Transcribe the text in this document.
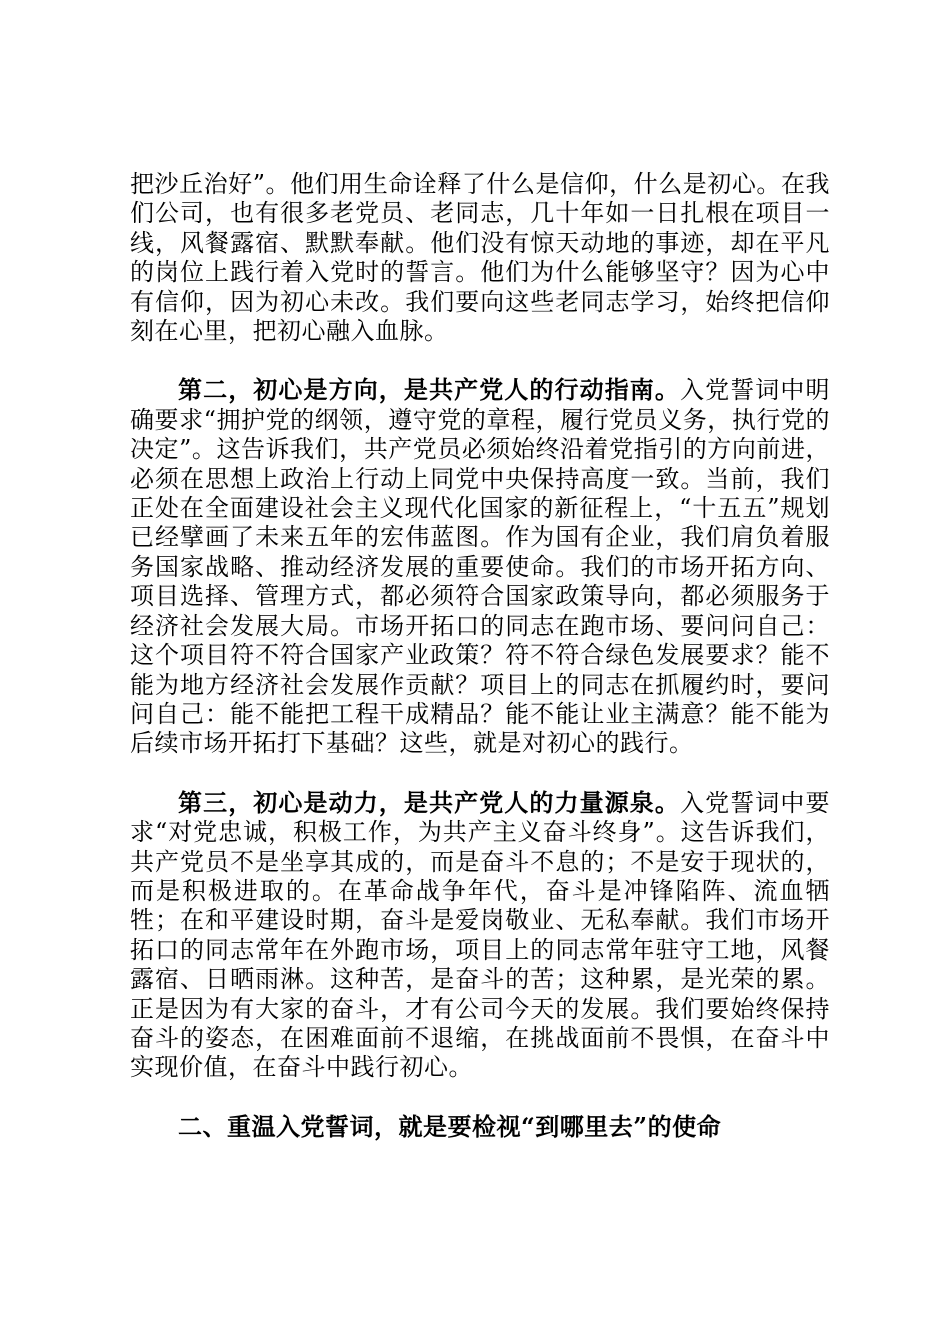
把沙丘治好”。他们用生命诠释了什么是信仰，什么是初心。在我们公司，也有很多老党员、老同志，几十年如一日扎根在项目一线，风餐露宿、默默奉献。他们没有惊天动地的事迹，却在平凡的岗位上践行着入党时的誓言。他们为什么能够坚守？因为心中有信仰，因为初心未改。我们要向这些老同志学习，始终把信仰刻在心里，把初心融入血脉。

第二，初心是方向，是共产党人的行动指南。入党誓词中明确要求“拥护党的纲领，遵守党的章程，履行党员义务，执行党的决定”。这告诉我们，共产党员必须始终沿着党指引的方向前进，必须在思想上政治上行动上同党中央保持高度一致。当前，我们正处在全面建设社会主义现代化国家的新征程上，“十五五”规划已经擘画了未来五年的宏伟蓝图。作为国有企业，我们肩负着服务国家战略、推动经济发展的重要使命。我们的市场开拓方向、项目选择、管理方式，都必须符合国家政策导向，都必须服务于经济社会发展大局。市场开拓口的同志在跑市场、要问问自己：这个项目符不符合国家产业政策？符不符合绿色发展要求？能不能为地方经济社会发展作贡献？项目上的同志在抓履约时，要问问自己：能不能把工程干成精品？能不能让业主满意？能不能为后续市场开拓打下基础？这些，就是对初心的践行。

第三，初心是动力，是共产党人的力量源泉。入党誓词中要求“对党忠诚，积极工作，为共产主义奋斗终身”。这告诉我们，共产党员不是坐享其成的，而是奋斗不息的；不是安于现状的，而是积极进取的。在革命战争年代，奋斗是冲锋陷阵、流血牺牲；在和平建设时期，奋斗是爱岗敬业、无私奉献。我们市场开拓口的同志常年在外跑市场，项目上的同志常年驻守工地，风餐露宿、日晒雨淋。这种苦，是奋斗的苦；这种累，是光荣的累。正是因为有大家的奋斗，才有公司今天的发展。我们要始终保持奋斗的姿态，在困难面前不退缩，在挑战面前不畏惧，在奋斗中实现价值，在奋斗中践行初心。

二、重温入党誓词，就是要检视“到哪里去”的使命
